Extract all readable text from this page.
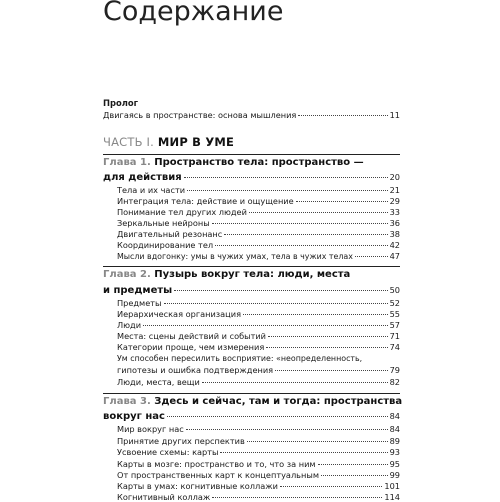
Содержание
Пролог
Двигаясь в пространстве: основа мышления	11
ЧАСТЬ I. МИР В УМЕ
Глава 1.
Пространство тела: пространство —
для действия	20
Тела и их части	21
Интеграция тела: действие и ощущение	29
Понимание тел других людей	33
Зеркальные нейроны	36
Двигательный резонанс	38
Координирование тел	42
Мысли вдогонку: умы в чужих умах, тела в чужих телах	47
Глава 2.
Пузырь вокруг тела: люди, места
и предметы	50
Предметы	52
Иерархическая организация	55
Люди	57
Места: сцены действий и событий	71
Категории проще, чем измерения	74
Ум способен пересилить восприятие: «неопределенность,
гипотезы и ошибка подтверждения	79
Люди, места, вещи	82
Глава 3.
Здесь и сейчас, там и тогда: пространства
вокруг нас	84
Мир вокруг нас	84
Принятие других перспектив	89
Усвоение схемы: карты	93
Карты в мозге: пространство и то, что за ним	95
От пространственных карт к концептуальным	99
Карты в умах: когнитивные коллажи	101
Когнитивный коллаж	114
